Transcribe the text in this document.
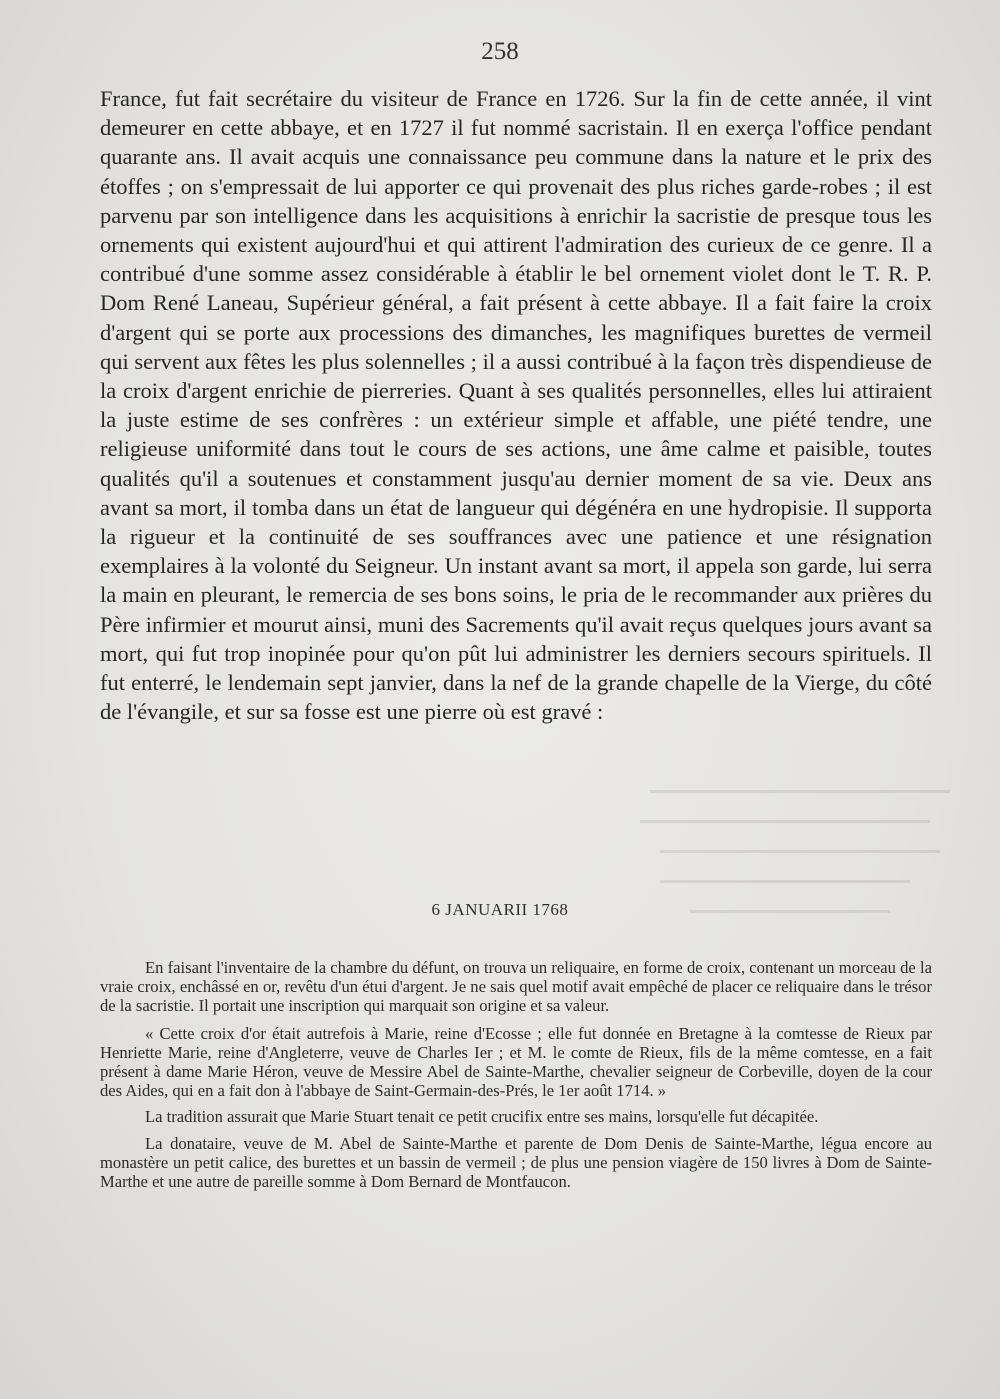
258

France, fut fait secrétaire du visiteur de France en 1726. Sur la fin de cette année, il vint demeurer en cette abbaye, et en 1727 il fut nommé sacristain. Il en exerça l'office pendant quarante ans. Il avait acquis une connaissance peu commune dans la nature et le prix des étoffes ; on s'empressait de lui apporter ce qui provenait des plus riches garde-robes ; il est parvenu par son intelligence dans les acquisitions à enrichir la sacristie de presque tous les ornements qui existent aujourd'hui et qui attirent l'admiration des curieux de ce genre. Il a contribué d'une somme assez considérable à établir le bel ornement violet dont le T. R. P. Dom René Laneau, Supérieur général, a fait présent à cette abbaye. Il a fait faire la croix d'argent qui se porte aux processions des dimanches, les magnifiques burettes de vermeil qui servent aux fêtes les plus solennelles ; il a aussi contribué à la façon très dispendieuse de la croix d'argent enrichie de pierreries. Quant à ses qualités personnelles, elles lui attiraient la juste estime de ses confrères : un extérieur simple et affable, une piété tendre, une religieuse uniformité dans tout le cours de ses actions, une âme calme et paisible, toutes qualités qu'il a soutenues et constamment jusqu'au dernier moment de sa vie. Deux ans avant sa mort, il tomba dans un état de langueur qui dégénéra en une hydropisie. Il supporta la rigueur et la continuité de ses souffrances avec une patience et une résignation exemplaires à la volonté du Seigneur. Un instant avant sa mort, il appela son garde, lui serra la main en pleurant, le remercia de ses bons soins, le pria de le recommander aux prières du Père infirmier et mourut ainsi, muni des Sacrements qu'il avait reçus quelques jours avant sa mort, qui fut trop inopinée pour qu'on pût lui administrer les derniers secours spirituels. Il fut enterré, le lendemain sept janvier, dans la nef de la grande chapelle de la Vierge, du côté de l'évangile, et sur sa fosse est une pierre où est gravé :

6 JANUARII 1768

En faisant l'inventaire de la chambre du défunt, on trouva un reliquaire, en forme de croix, contenant un morceau de la vraie croix, enchâssé en or, revêtu d'un étui d'argent. Je ne sais quel motif avait empêché de placer ce reliquaire dans le trésor de la sacristie. Il portait une inscription qui marquait son origine et sa valeur.

« Cette croix d'or était autrefois à Marie, reine d'Ecosse ; elle fut donnée en Bretagne à la comtesse de Rieux par Henriette Marie, reine d'Angleterre, veuve de Charles Ier ; et M. le comte de Rieux, fils de la même comtesse, en a fait présent à dame Marie Héron, veuve de Messire Abel de Sainte-Marthe, chevalier seigneur de Corbeville, doyen de la cour des Aides, qui en a fait don à l'abbaye de Saint-Germain-des-Prés, le 1er août 1714. »

La tradition assurait que Marie Stuart tenait ce petit crucifix entre ses mains, lorsqu'elle fut décapitée.

La donataire, veuve de M. Abel de Sainte-Marthe et parente de Dom Denis de Sainte-Marthe, légua encore au monastère un petit calice, des burettes et un bassin de vermeil ; de plus une pension viagère de 150 livres à Dom de Sainte-Marthe et une autre de pareille somme à Dom Bernard de Montfaucon.
